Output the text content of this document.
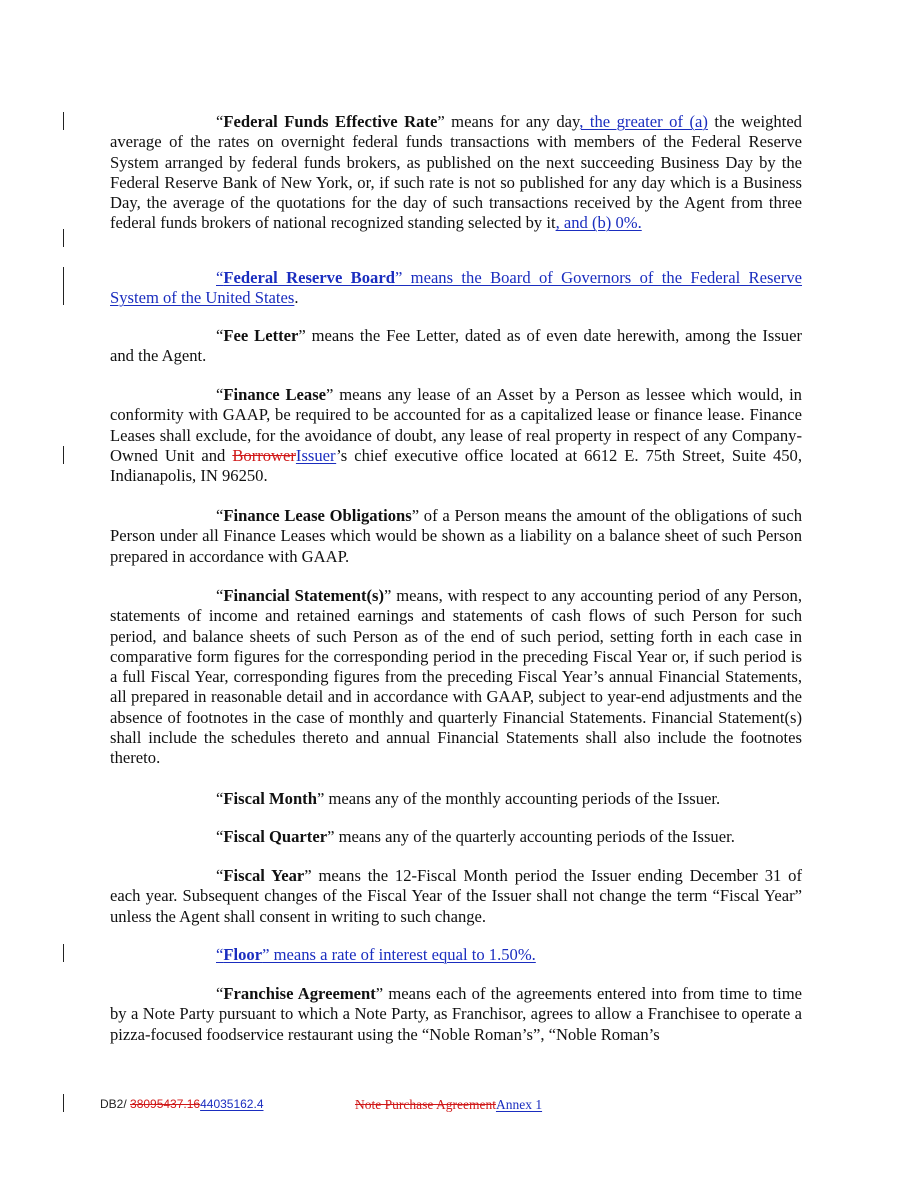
“Federal Funds Effective Rate” means for any day, the greater of (a) the weighted average of the rates on overnight federal funds transactions with members of the Federal Reserve System arranged by federal funds brokers, as published on the next succeeding Business Day by the Federal Reserve Bank of New York, or, if such rate is not so published for any day which is a Business Day, the average of the quotations for the day of such transactions received by the Agent from three federal funds brokers of national recognized standing selected by it, and (b) 0%.

“Federal Reserve Board” means the Board of Governors of the Federal Reserve System of the United States.

“Fee Letter” means the Fee Letter, dated as of even date herewith, among the Issuer and the Agent.

“Finance Lease” means any lease of an Asset by a Person as lessee which would, in conformity with GAAP, be required to be accounted for as a capitalized lease or finance lease. Finance Leases shall exclude, for the avoidance of doubt, any lease of real property in respect of any Company-Owned Unit and BorrowerIssuer’s chief executive office located at 6612 E. 75th Street, Suite 450, Indianapolis, IN 96250.

“Finance Lease Obligations” of a Person means the amount of the obligations of such Person under all Finance Leases which would be shown as a liability on a balance sheet of such Person prepared in accordance with GAAP.

“Financial Statement(s)” means, with respect to any accounting period of any Person, statements of income and retained earnings and statements of cash flows of such Person for such period, and balance sheets of such Person as of the end of such period, setting forth in each case in comparative form figures for the corresponding period in the preceding Fiscal Year or, if such period is a full Fiscal Year, corresponding figures from the preceding Fiscal Year’s annual Financial Statements, all prepared in reasonable detail and in accordance with GAAP, subject to year-end adjustments and the absence of footnotes in the case of monthly and quarterly Financial Statements. Financial Statement(s) shall include the schedules thereto and annual Financial Statements shall also include the footnotes thereto.

“Fiscal Month” means any of the monthly accounting periods of the Issuer.

“Fiscal Quarter” means any of the quarterly accounting periods of the Issuer.

“Fiscal Year” means the 12-Fiscal Month period the Issuer ending December 31 of each year. Subsequent changes of the Fiscal Year of the Issuer shall not change the term “Fiscal Year” unless the Agent shall consent in writing to such change.

“Floor” means a rate of interest equal to 1.50%.

“Franchise Agreement” means each of the agreements entered into from time to time by a Note Party pursuant to which a Note Party, as Franchisor, agrees to allow a Franchisee to operate a pizza-focused foodservice restaurant using the “Noble Roman’s”, “Noble Roman’s

DB2/ 38095437.1644035162.4	Note Purchase AgreementAnnex 1
